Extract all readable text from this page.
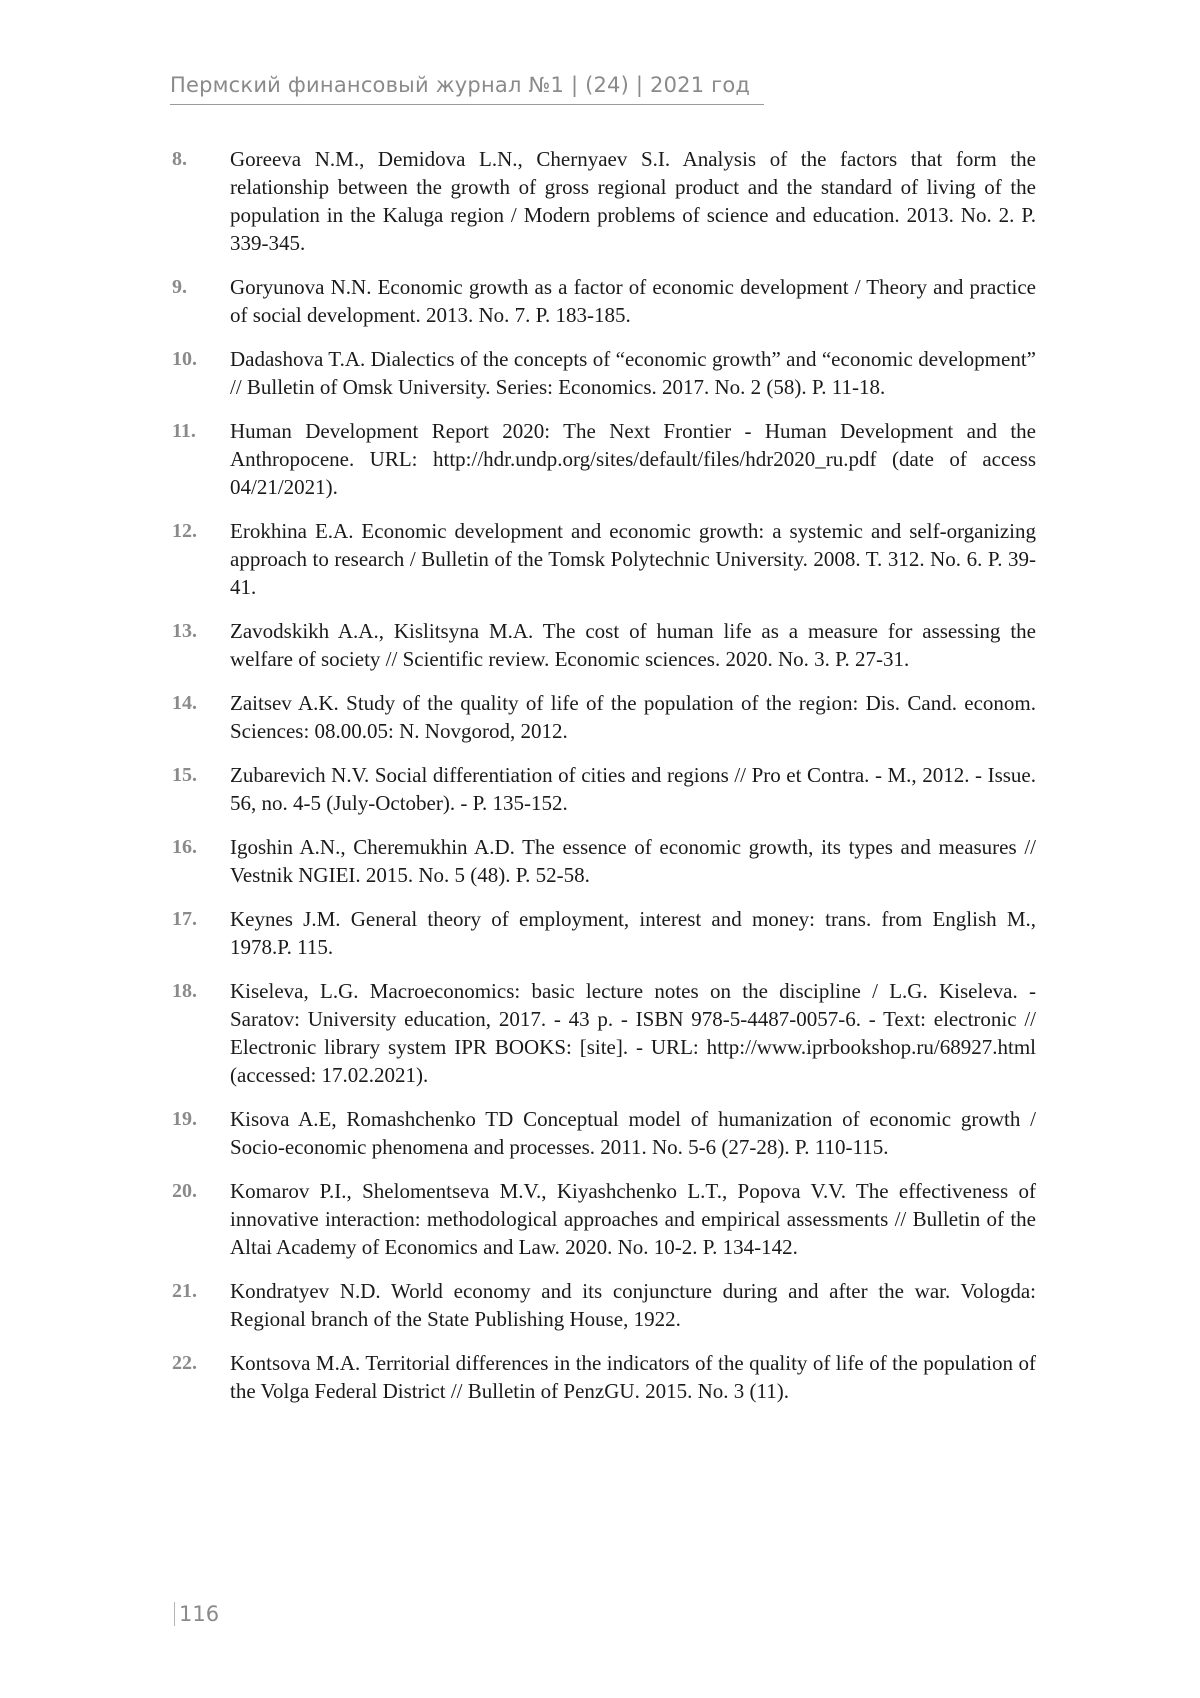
Пермский финансовый журнал №1 | (24) | 2021 год
8.	Goreeva N.M., Demidova L.N., Chernyaev S.I. Analysis of the factors that form the relationship between the growth of gross regional product and the standard of living of the population in the Kaluga region / Modern problems of science and education. 2013. No. 2. P. 339-345.
9.	Goryunova N.N. Economic growth as a factor of economic development / Theory and practice of social development. 2013. No. 7. P. 183-185.
10.	Dadashova T.A. Dialectics of the concepts of “economic growth” and “economic development” // Bulletin of Omsk University. Series: Economics. 2017. No. 2 (58). P. 11-18.
11.	Human Development Report 2020: The Next Frontier - Human Development and the Anthropocene. URL: http://hdr.undp.org/sites/default/files/hdr2020_ru.pdf (date of access 04/21/2021).
12.	Erokhina E.A. Economic development and economic growth: a systemic and self-organizing approach to research / Bulletin of the Tomsk Polytechnic University. 2008. T. 312. No. 6. P. 39-41.
13.	Zavodskikh A.A., Kislitsyna M.A. The cost of human life as a measure for assessing the welfare of society // Scientific review. Economic sciences. 2020. No. 3. P. 27-31.
14.	Zaitsev A.K. Study of the quality of life of the population of the region: Dis. Cand. econom. Sciences: 08.00.05: N. Novgorod, 2012.
15.	Zubarevich N.V. Social differentiation of cities and regions // Pro et Contra. - M., 2012. - Issue. 56, no. 4-5 (July-October). - P. 135-152.
16.	Igoshin A.N., Cheremukhin A.D. The essence of economic growth, its types and measures // Vestnik NGIEI. 2015. No. 5 (48). P. 52-58.
17.	Keynes J.M. General theory of employment, interest and money: trans. from English M., 1978.P. 115.
18.	Kiseleva, L.G. Macroeconomics: basic lecture notes on the discipline / L.G. Kiseleva. - Saratov: University education, 2017. - 43 p. - ISBN 978-5-4487-0057-6. - Text: electronic // Electronic library system IPR BOOKS: [site]. - URL: http://www.iprbookshop.ru/68927.html (accessed: 17.02.2021).
19.	Kisova A.E, Romashchenko TD Conceptual model of humanization of economic growth / Socio-economic phenomena and processes. 2011. No. 5-6 (27-28). P. 110-115.
20.	Komarov P.I., Shelomentseva M.V., Kiyashchenko L.T., Popova V.V. The effectiveness of innovative interaction: methodological approaches and empirical assessments // Bulletin of the Altai Academy of Economics and Law. 2020. No. 10-2. P. 134-142.
21.	Kondratyev N.D. World economy and its conjuncture during and after the war. Vologda: Regional branch of the State Publishing House, 1922.
22.	Kontsova M.A. Territorial differences in the indicators of the quality of life of the population of the Volga Federal District // Bulletin of PenzGU. 2015. No. 3 (11).
116
